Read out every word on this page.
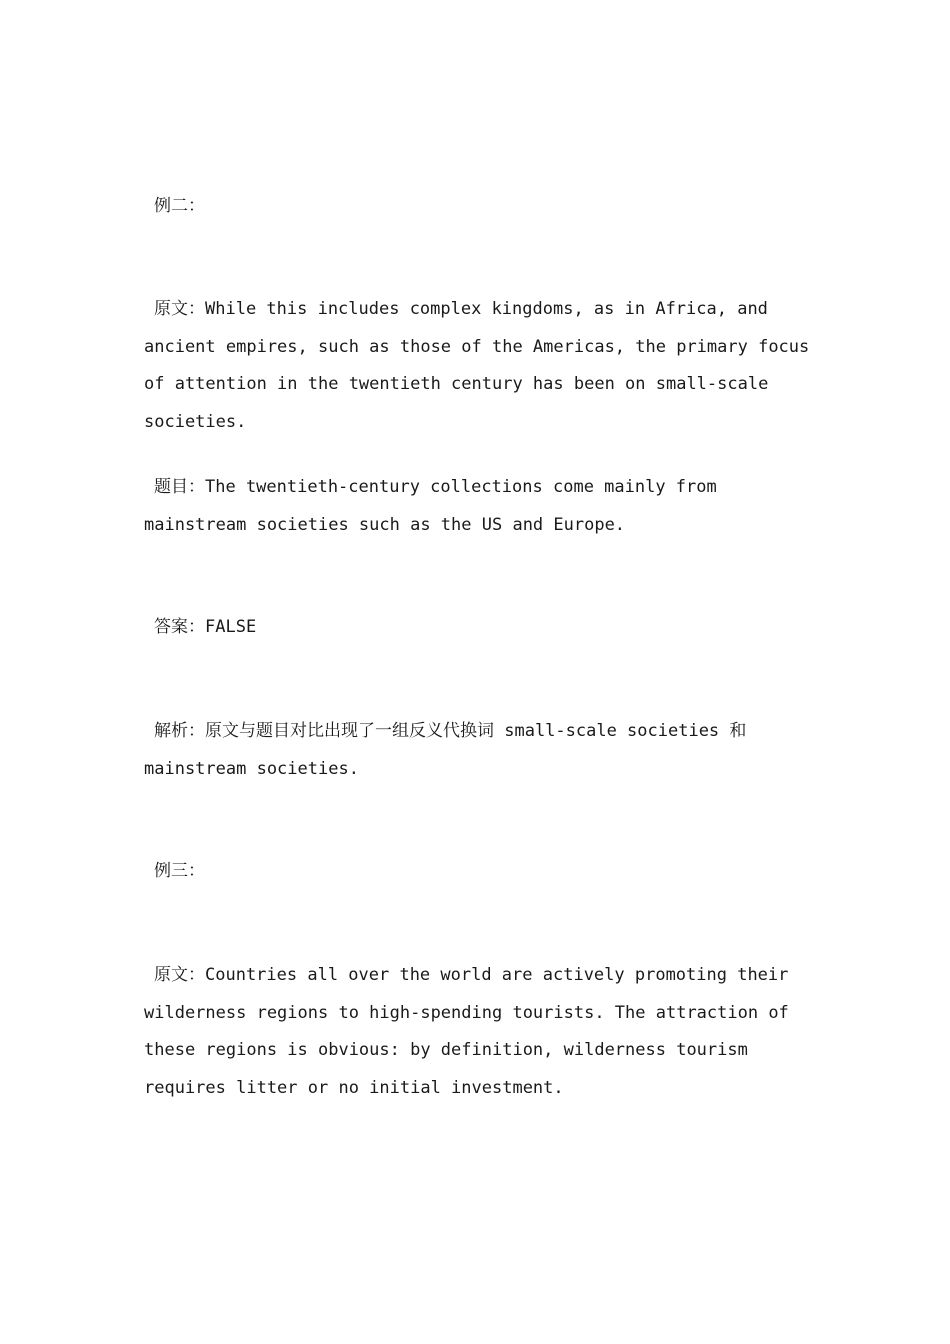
例二：

原文：While this includes complex kingdoms, as in Africa, and ancient empires, such as those of the Americas, the primary focus of attention in the twentieth century has been on small-scale societies.

题目：The twentieth-century collections come mainly from mainstream societies such as the US and Europe.

答案：FALSE

解析：原文与题目对比出现了一组反义代换词 small-scale societies 和 mainstream societies.

例三：

原文：Countries all over the world are actively promoting their wilderness regions to high-spending tourists. The attraction of these regions is obvious: by definition, wilderness tourism requires litter or no initial investment.
